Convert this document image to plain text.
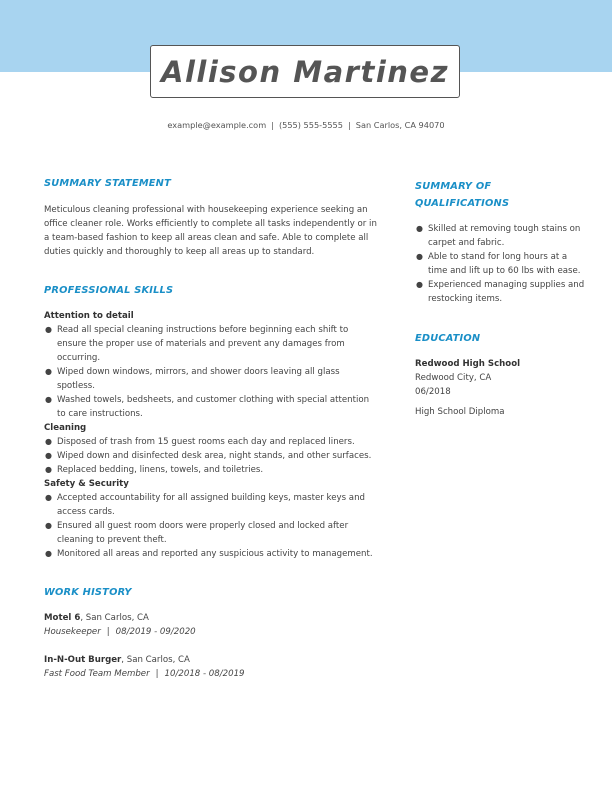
Allison Martinez
example@example.com | (555) 555-5555 | San Carlos, CA 94070
SUMMARY STATEMENT

Meticulous cleaning professional with housekeeping experience seeking an office cleaner role. Works efficiently to complete all tasks independently or in a team-based fashion to keep all areas clean and safe. Able to complete all duties quickly and thoroughly to keep all areas up to standard.

PROFESSIONAL SKILLS

Attention to detail

● Read all special cleaning instructions before beginning each shift to ensure the proper use of materials and prevent any damages from occurring.
● Wiped down windows, mirrors, and shower doors leaving all glass spotless.
● Washed towels, bedsheets, and customer clothing with special attention to care instructions.

Cleaning

● Disposed of trash from 15 guest rooms each day and replaced liners.
● Wiped down and disinfected desk area, night stands, and other surfaces.
● Replaced bedding, linens, towels, and toiletries.

Safety & Security

● Accepted accountability for all assigned building keys, master keys and access cards.
● Ensured all guest room doors were properly closed and locked after cleaning to prevent theft.
● Monitored all areas and reported any suspicious activity to management.
WORK HISTORY
Motel 6, San Carlos, CA
Housekeeper | 08/2019 - 09/2020
In-N-Out Burger, San Carlos, CA
Fast Food Team Member | 10/2018 - 08/2019
SUMMARY OF QUALIFICATIONS
● Skilled at removing tough stains on carpet and fabric.
● Able to stand for long hours at a time and lift up to 60 lbs with ease.
● Experienced managing supplies and restocking items.
EDUCATION

Redwood High School

Redwood City, CA

06/2018

High School Diploma
